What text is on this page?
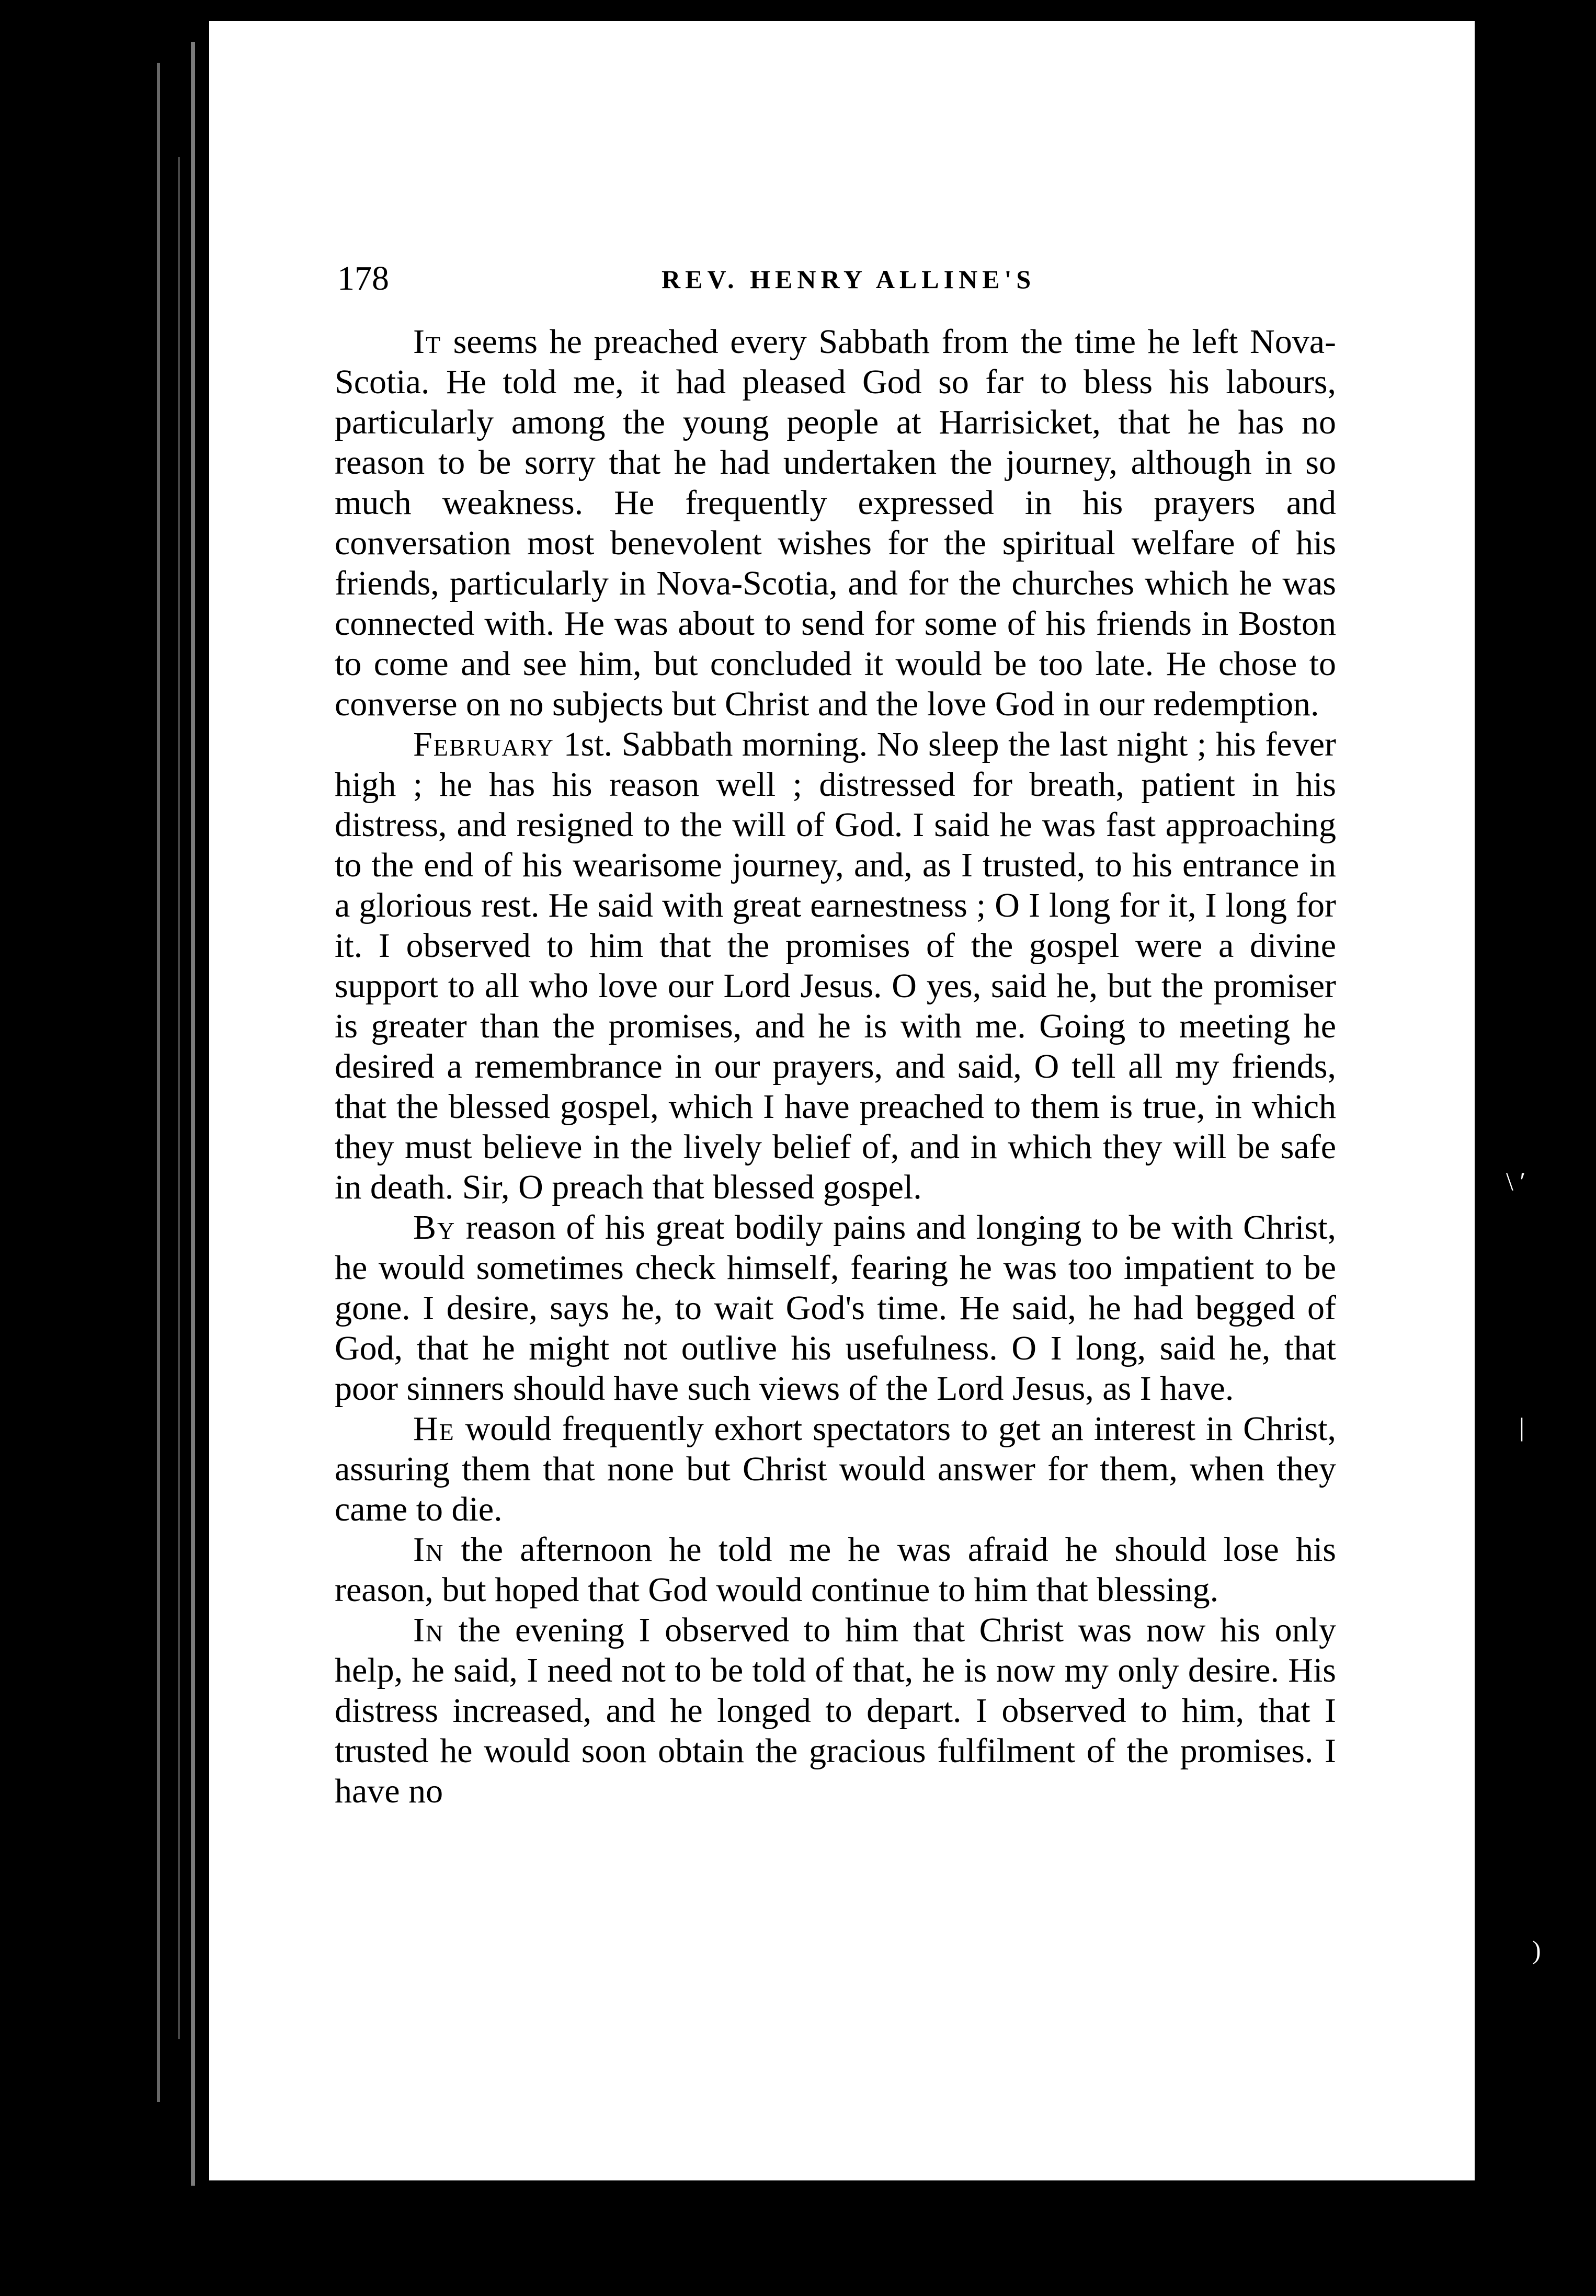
178	REV. HENRY ALLINE'S

It seems he preached every Sabbath from the time he left Nova-Scotia. He told me, it had pleased God so far to bless his labours, particularly among the young people at Harrisicket, that he has no reason to be sorry that he had undertaken the journey, although in so much weakness. He frequently expressed in his prayers and conversation most benevolent wishes for the spiritual welfare of his friends, particularly in Nova-Scotia, and for the churches which he was connected with. He was about to send for some of his friends in Boston to come and see him, but concluded it would be too late. He chose to converse on no subjects but Christ and the love God in our redemption.

February 1st. Sabbath morning. No sleep the last night ; his fever high ; he has his reason well ; distressed for breath, patient in his distress, and resigned to the will of God. I said he was fast approaching to the end of his wearisome journey, and, as I trusted, to his entrance in a glorious rest. He said with great earnestness ; O I long for it, I long for it. I observed to him that the promises of the gospel were a divine support to all who love our Lord Jesus. O yes, said he, but the promiser is greater than the promises, and he is with me. Going to meeting he desired a remembrance in our prayers, and said, O tell all my friends, that the blessed gospel, which I have preached to them is true, in which they must believe in the lively belief of, and in which they will be safe in death. Sir, O preach that blessed gospel.

By reason of his great bodily pains and longing to be with Christ, he would sometimes check himself, fearing he was too impatient to be gone. I desire, says he, to wait God's time. He said, he had begged of God, that he might not outlive his usefulness. O I long, said he, that poor sinners should have such views of the Lord Jesus, as I have.

He would frequently exhort spectators to get an interest in Christ, assuring them that none but Christ would answer for them, when they came to die.

In the afternoon he told me he was afraid he should lose his reason, but hoped that God would continue to him that blessing.

In the evening I observed to him that Christ was now his only help, he said, I need not to be told of that, he is now my only desire. His distress increased, and he longed to depart. I observed to him, that I trusted he would soon obtain the gracious fulfilment of the promises. I have no

\ ′
|
)
